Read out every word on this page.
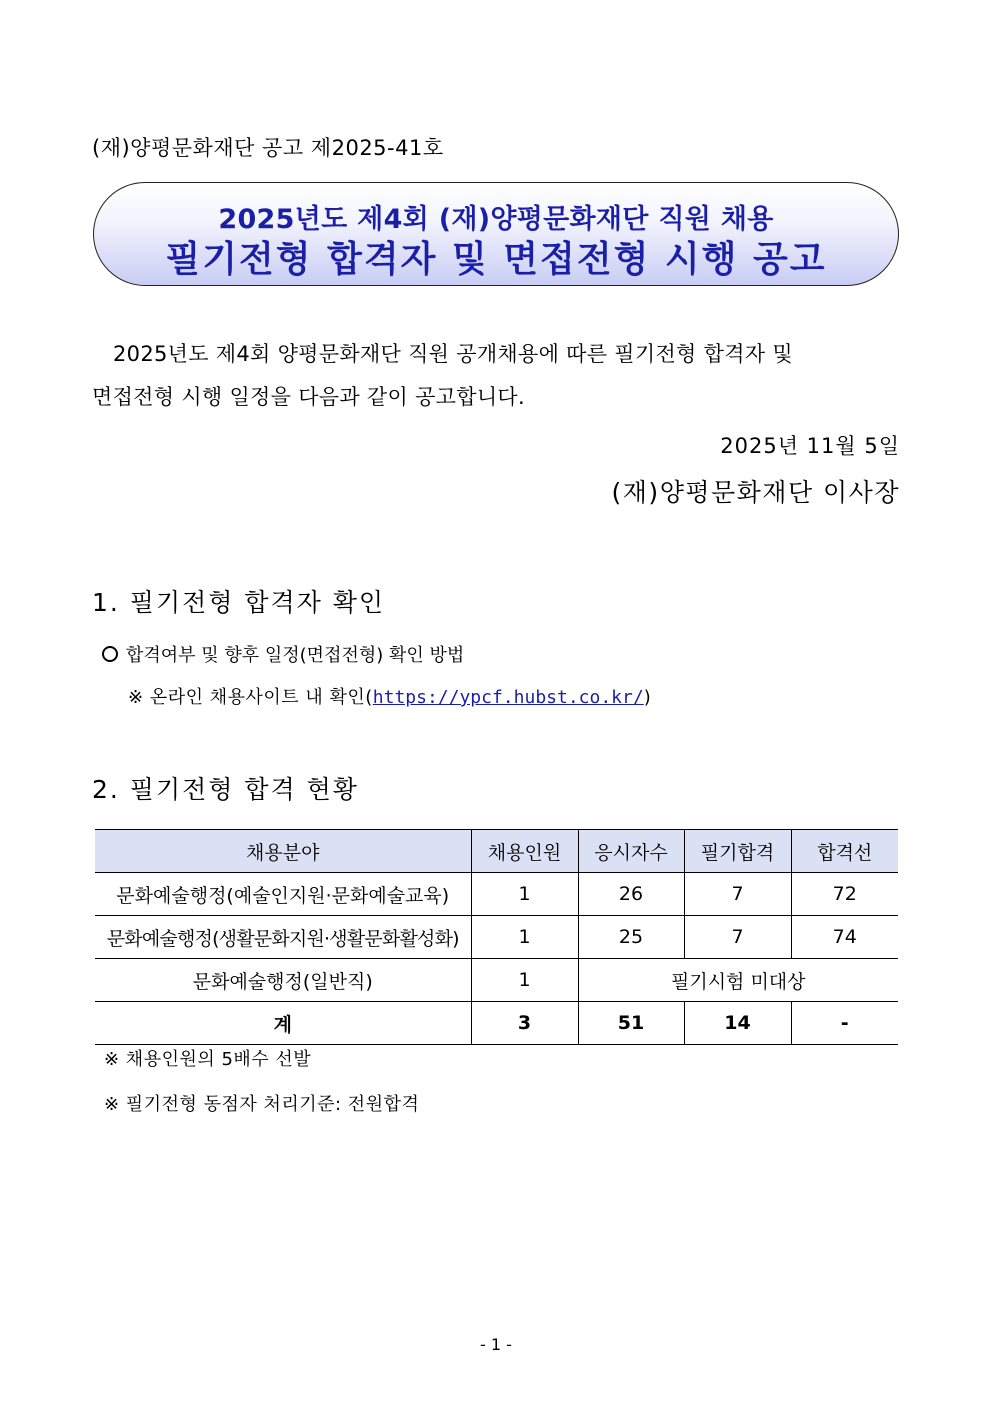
(재)양평문화재단 공고 제2025-41호
2025년도 제4회 (재)양평문화재단 직원 채용
필기전형 합격자 및 면접전형 시행 공고
2025년도 제4회 양평문화재단 직원 공개채용에 따른 필기전형 합격자 및
면접전형 시행 일정을 다음과 같이 공고합니다.
2025년 11월 5일
(재)양평문화재단 이사장
1. 필기전형 합격자 확인
합격여부 및 향후 일정(면접전형) 확인 방법
※ 온라인 채용사이트 내 확인(https://ypcf.hubst.co.kr/)
2. 필기전형 합격 현황
채용분야	채용인원	응시자수	필기합격	합격선
문화예술행정(예술인지원·문화예술교육)	1	26	7	72
문화예술행정(생활문화지원·생활문화활성화)	1	25	7	74
문화예술행정(일반직)	1	필기시험 미대상		
계	3	51	14	-
※ 채용인원의 5배수 선발
※ 필기전형 동점자 처리기준: 전원합격
- 1 -
